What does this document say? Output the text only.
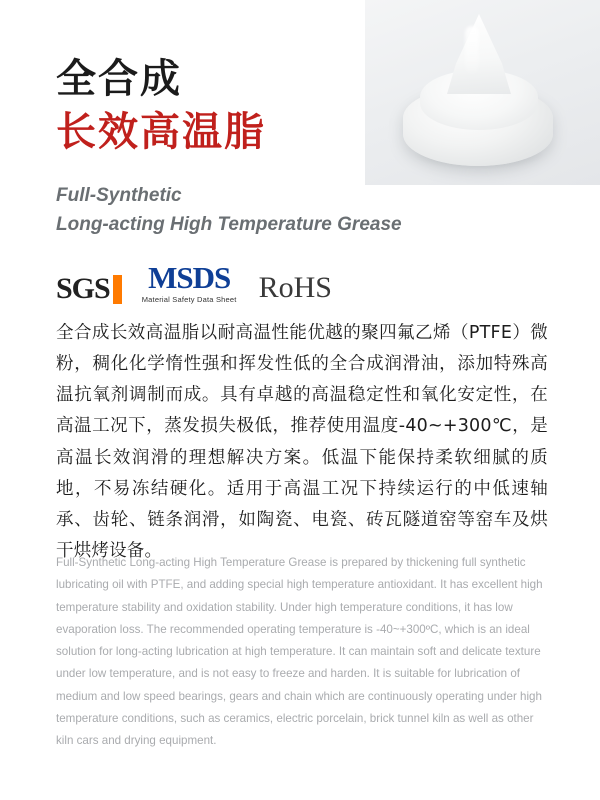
全合成
长效高温脂
Full-Synthetic
Long-acting High Temperature Grease
SGS MSDS
Material Safety Data Sheet RoHS
全合成长效高温脂以耐高温性能优越的聚四氟乙烯（PTFE）微粉，稠化化学惰性强和挥发性低的全合成润滑油，添加特殊高温抗氧剂调制而成。具有卓越的高温稳定性和氧化安定性，在高温工况下，蒸发损失极低，推荐使用温度-40~+300℃，是高温长效润滑的理想解决方案。低温下能保持柔软细腻的质地，不易冻结硬化。适用于高温工况下持续运行的中低速轴承、齿轮、链条润滑，如陶瓷、电瓷、砖瓦隧道窑等窑车及烘干烘烤设备。
Full-Synthetic Long-acting High Temperature Grease is prepared by thickening full synthetic lubricating oil with PTFE, and adding special high temperature antioxidant. It has excellent high temperature stability and oxidation stability. Under high temperature conditions, it has low evaporation loss. The recommended operating temperature is -40~+300ºC, which is an ideal solution for long-acting lubrication at high temperature. It can maintain soft and delicate texture under low temperature, and is not easy to freeze and harden. It is suitable for lubrication of medium and low speed bearings, gears and chain which are continuously operating under high temperature conditions, such as ceramics, electric porcelain, brick tunnel kiln as well as other kiln cars and drying equipment.
